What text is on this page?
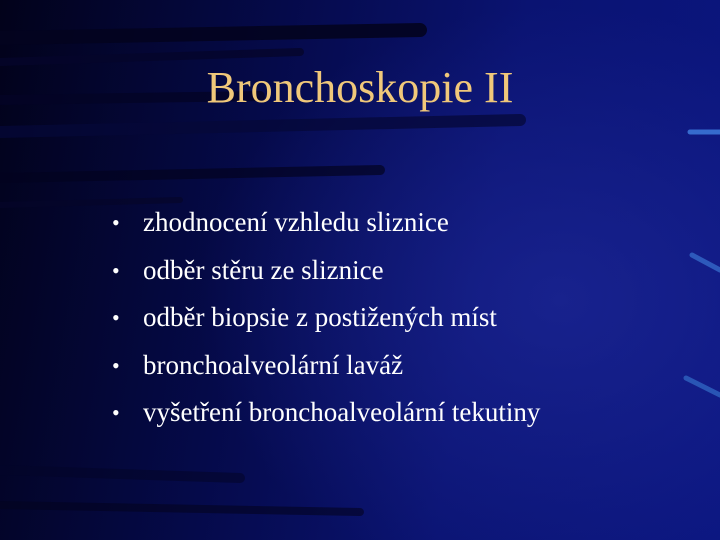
Bronchoskopie II
• zhodnocení vzhledu sliznice
• odběr stěru ze sliznice
• odběr biopsie z postižených míst
• bronchoalveolární laváž
• vyšetření bronchoalveolární tekutiny
